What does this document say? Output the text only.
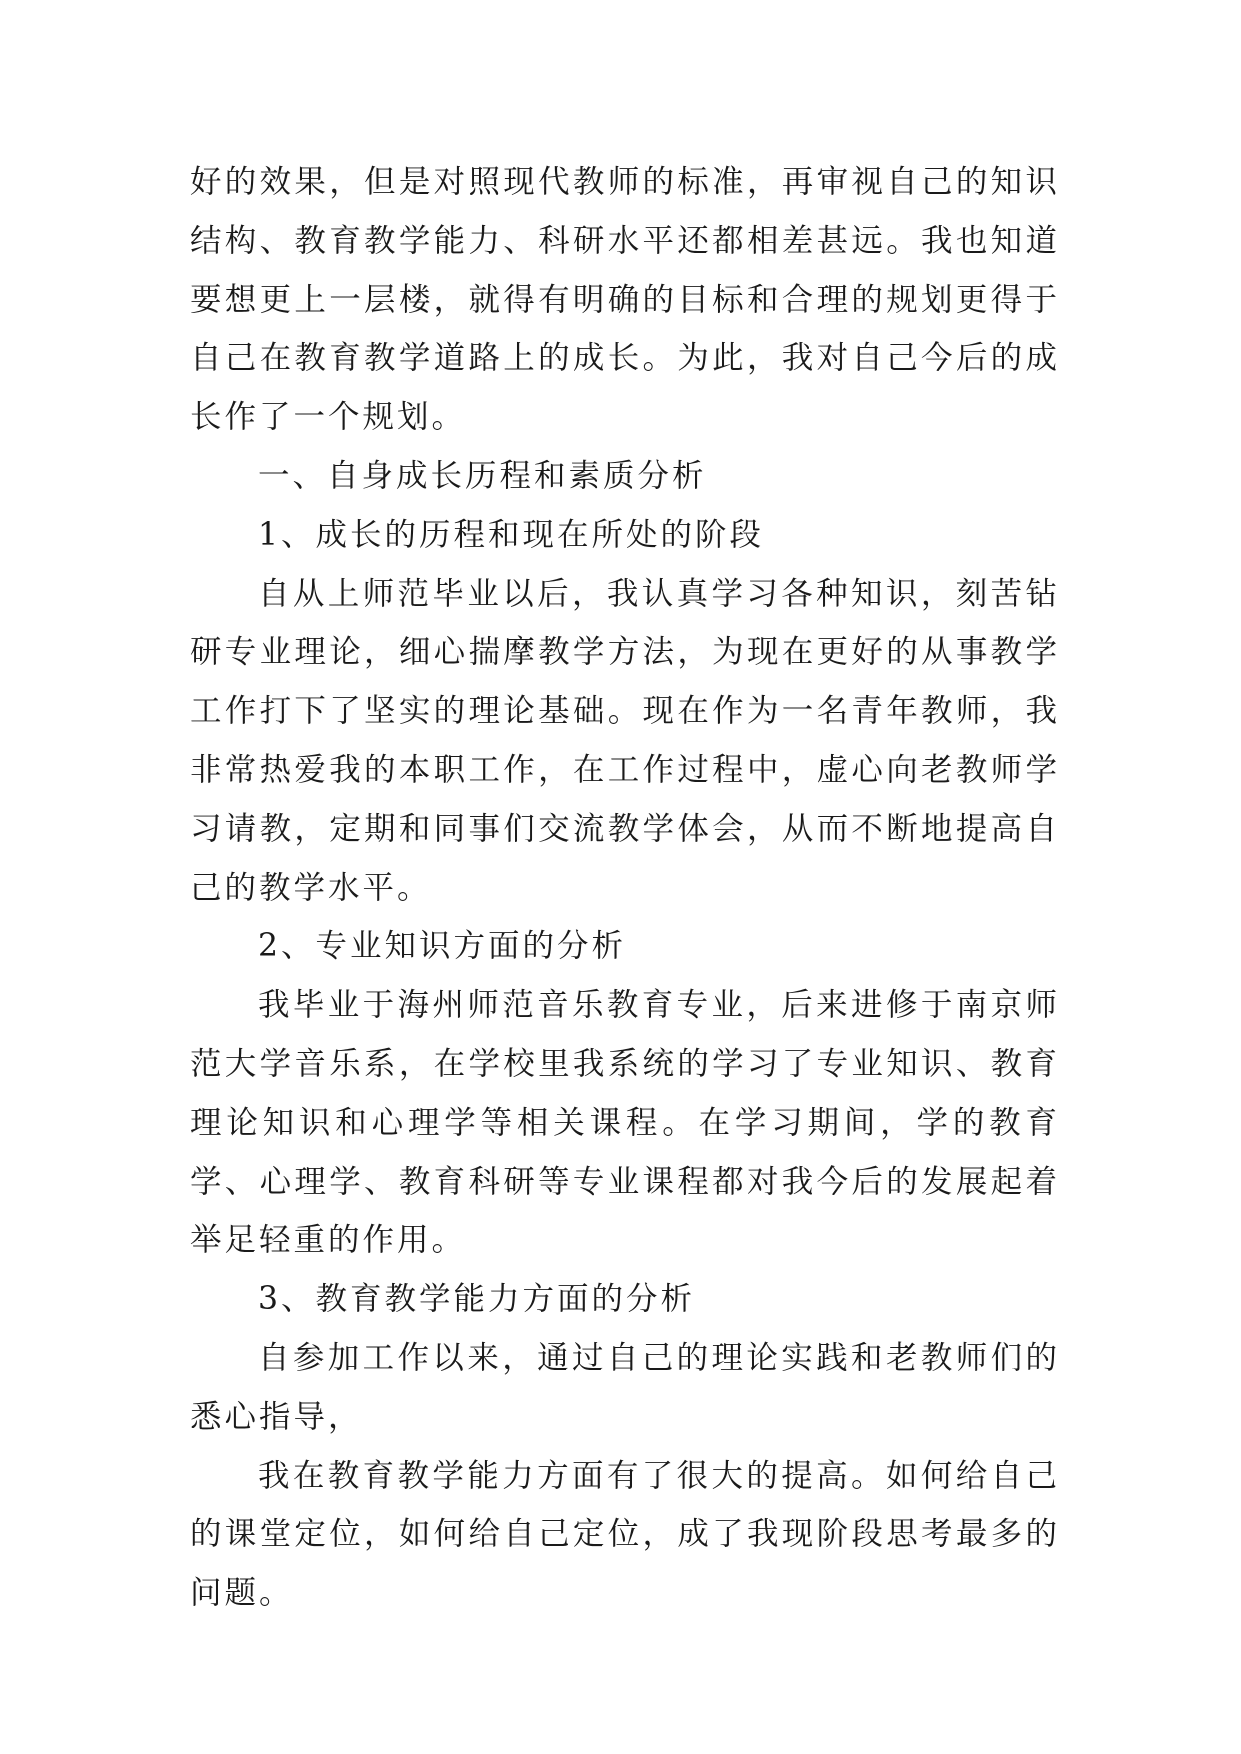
好的效果，但是对照现代教师的标准，再审视自己的知识结构、教育教学能力、科研水平还都相差甚远。我也知道要想更上一层楼，就得有明确的目标和合理的规划更得于自己在教育教学道路上的成长。为此，我对自己今后的成长作了一个规划。

一、自身成长历程和素质分析

1、成长的历程和现在所处的阶段

自从上师范毕业以后，我认真学习各种知识，刻苦钻研专业理论，细心揣摩教学方法，为现在更好的从事教学工作打下了坚实的理论基础。现在作为一名青年教师，我非常热爱我的本职工作，在工作过程中，虚心向老教师学习请教，定期和同事们交流教学体会，从而不断地提高自己的教学水平。

2、专业知识方面的分析

我毕业于海州师范音乐教育专业，后来进修于南京师范大学音乐系，在学校里我系统的学习了专业知识、教育理论知识和心理学等相关课程。在学习期间，学的教育学、心理学、教育科研等专业课程都对我今后的发展起着举足轻重的作用。

3、教育教学能力方面的分析

自参加工作以来，通过自己的理论实践和老教师们的悉心指导，

我在教育教学能力方面有了很大的提高。如何给自己的课堂定位，如何给自己定位，成了我现阶段思考最多的问题。
